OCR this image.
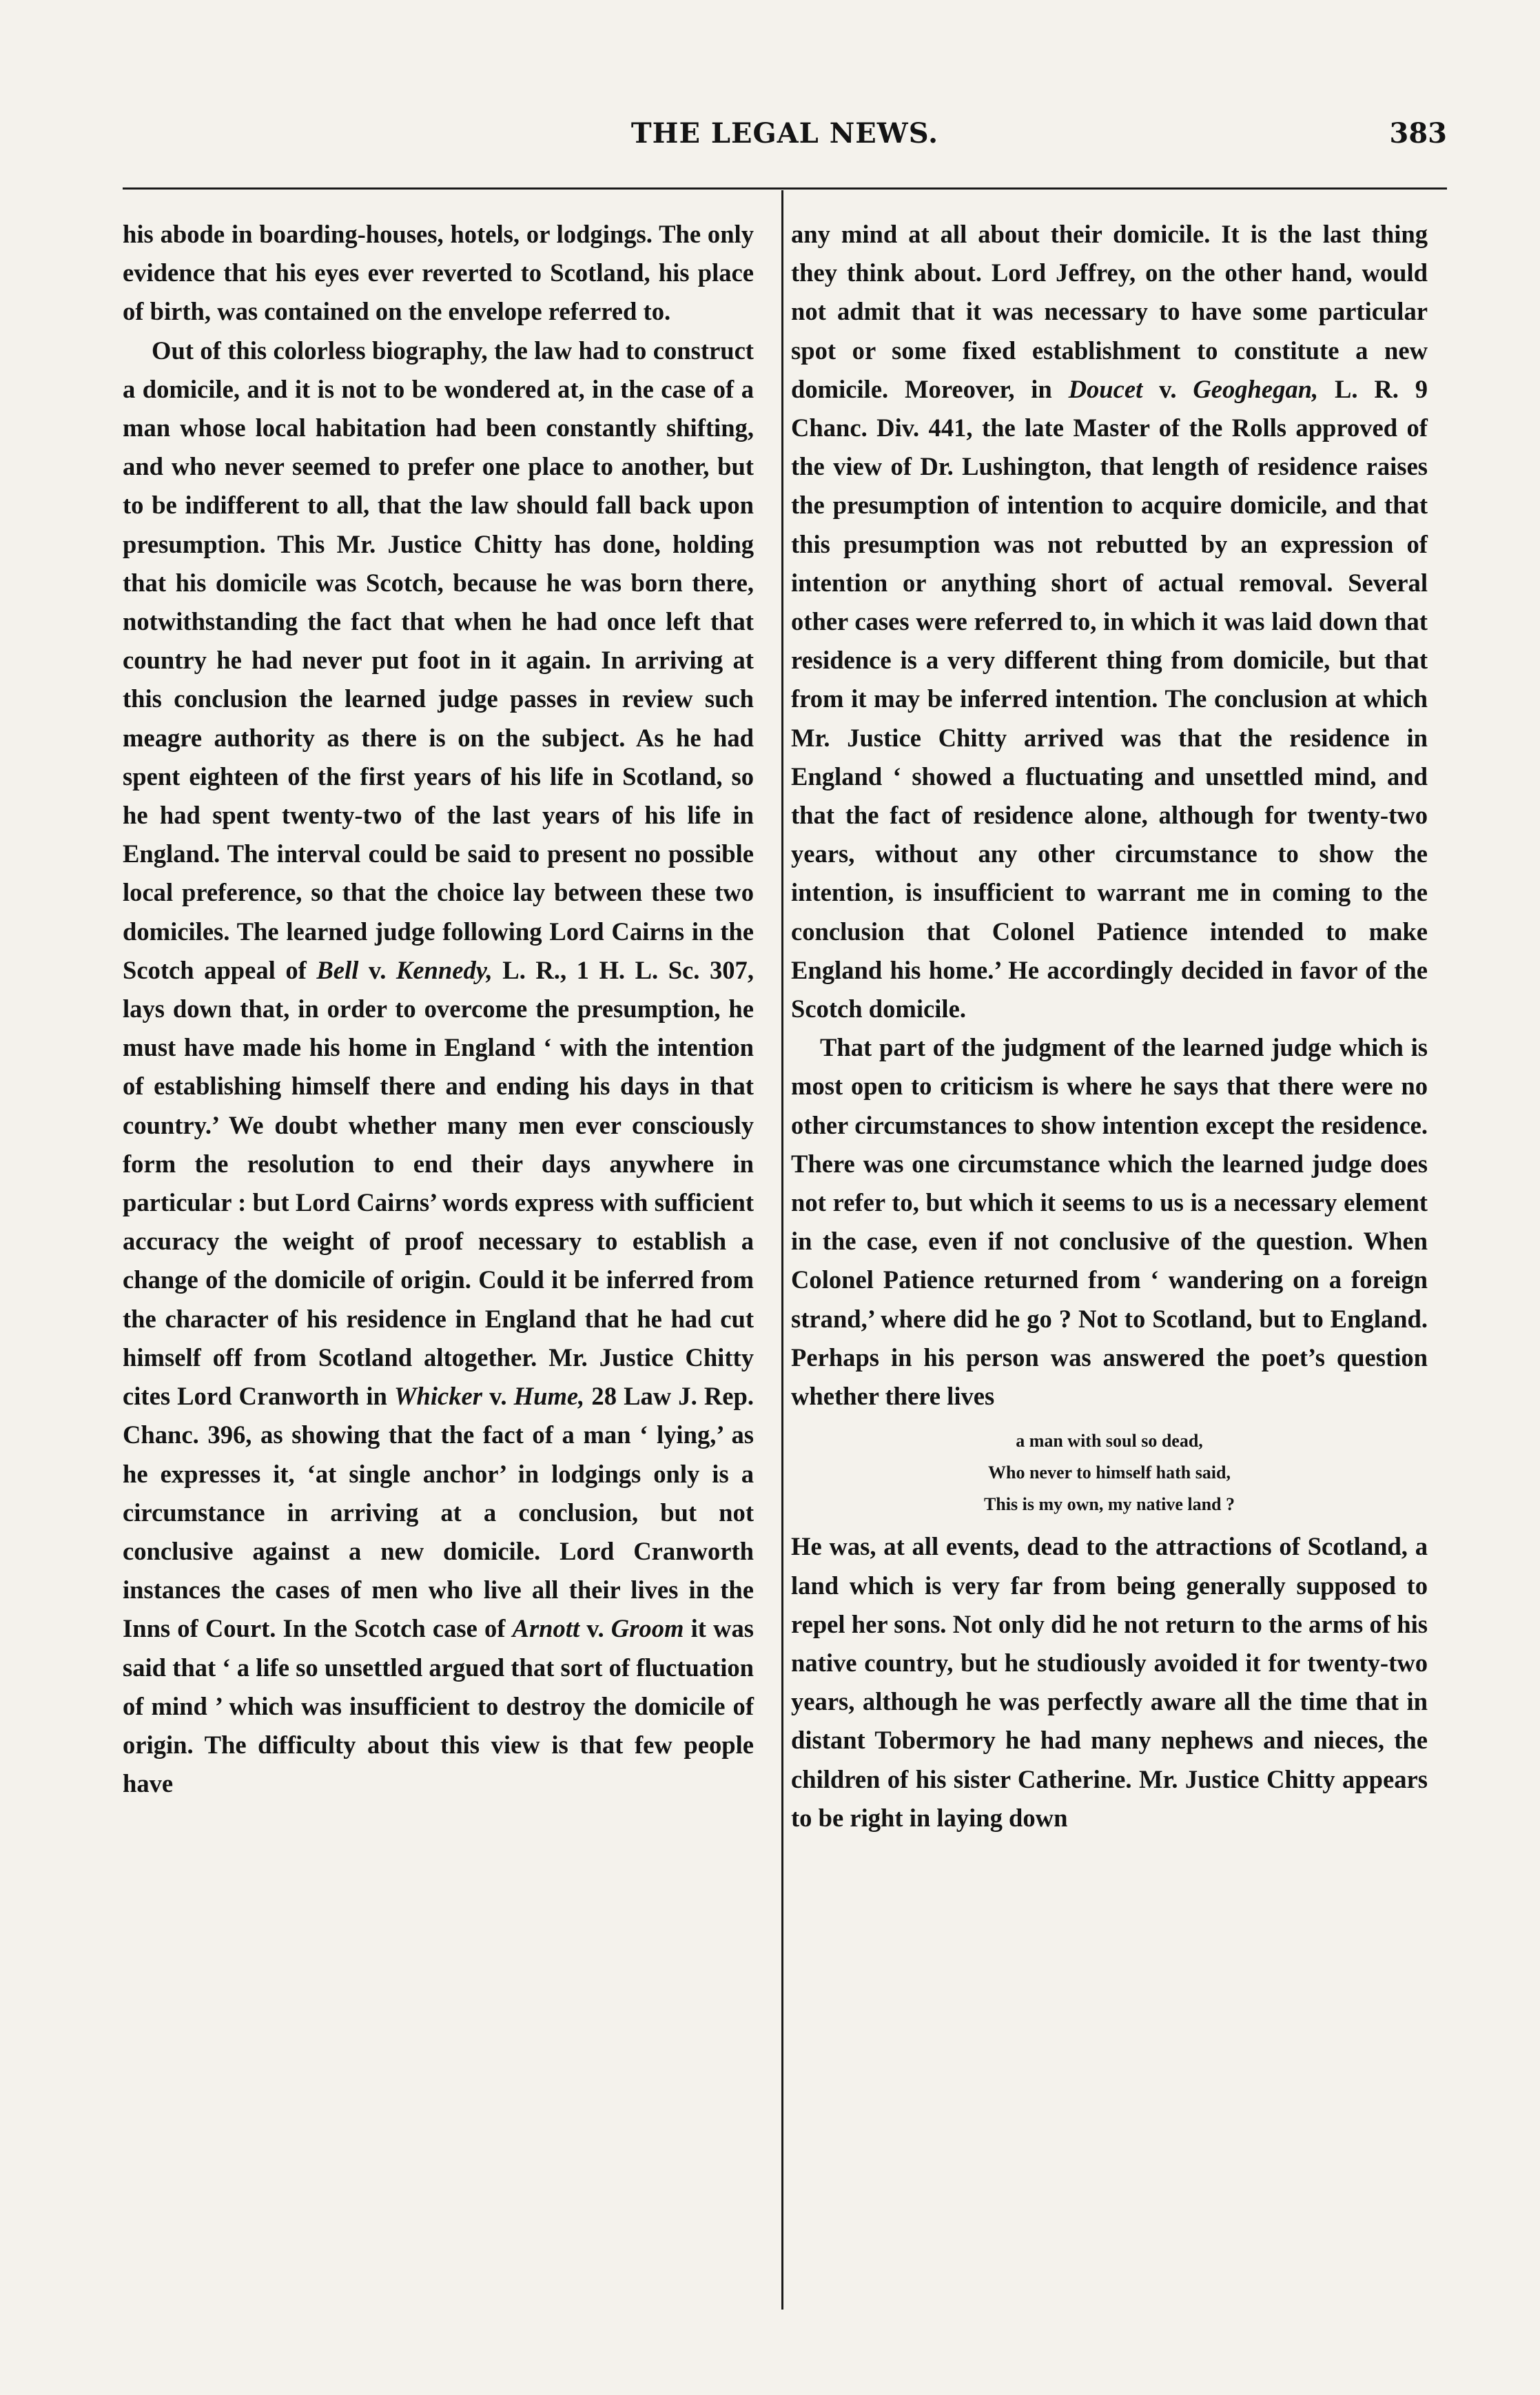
THE LEGAL NEWS.	383

his abode in boarding-houses, hotels, or lodgings. The only evidence that his eyes ever reverted to Scotland, his place of birth, was contained on the envelope referred to.

Out of this colorless biography, the law had to construct a domicile, and it is not to be wondered at, in the case of a man whose local habitation had been constantly shifting, and who never seemed to prefer one place to another, but to be indifferent to all, that the law should fall back upon presumption. This Mr. Justice Chitty has done, holding that his domicile was Scotch, because he was born there, notwithstanding the fact that when he had once left that country he had never put foot in it again. In arriving at this conclusion the learned judge passes in review such meagre authority as there is on the subject. As he had spent eighteen of the first years of his life in Scotland, so he had spent twenty-two of the last years of his life in England. The interval could be said to present no possible local preference, so that the choice lay between these two domiciles. The learned judge following Lord Cairns in the Scotch appeal of Bell v. Kennedy, L. R., 1 H. L. Sc. 307, lays down that, in order to overcome the presumption, he must have made his home in England ‘ with the intention of establishing himself there and ending his days in that country.’ We doubt whether many men ever consciously form the resolution to end their days anywhere in particular : but Lord Cairns’ words express with sufficient accuracy the weight of proof necessary to establish a change of the domicile of origin. Could it be inferred from the character of his residence in England that he had cut himself off from Scotland altogether. Mr. Justice Chitty cites Lord Cranworth in Whicker v. Hume, 28 Law J. Rep. Chanc. 396, as showing that the fact of a man ‘ lying,’ as he expresses it, ‘at single anchor’ in lodgings only is a circumstance in arriving at a conclusion, but not conclusive against a new domicile. Lord Cranworth instances the cases of men who live all their lives in the Inns of Court. In the Scotch case of Arnott v. Groom it was said that ‘ a life so unsettled argued that sort of fluctuation of mind ’ which was insufficient to destroy the domicile of origin. The difficulty about this view is that few people have

any mind at all about their domicile. It is the last thing they think about. Lord Jeffrey, on the other hand, would not admit that it was necessary to have some particular spot or some fixed establishment to constitute a new domicile. Moreover, in Doucet v. Geoghegan, L. R. 9 Chanc. Div. 441, the late Master of the Rolls approved of the view of Dr. Lushington, that length of residence raises the presumption of intention to acquire domicile, and that this presumption was not rebutted by an expression of intention or anything short of actual removal. Several other cases were referred to, in which it was laid down that residence is a very different thing from domicile, but that from it may be inferred intention. The conclusion at which Mr. Justice Chitty arrived was that the residence in England ‘ showed a fluctuating and unsettled mind, and that the fact of residence alone, although for twenty-two years, without any other circumstance to show the intention, is insufficient to warrant me in coming to the conclusion that Colonel Patience intended to make England his home.’ He accordingly decided in favor of the Scotch domicile.

That part of the judgment of the learned judge which is most open to criticism is where he says that there were no other circumstances to show intention except the residence. There was one circumstance which the learned judge does not refer to, but which it seems to us is a necessary element in the case, even if not conclusive of the question. When Colonel Patience returned from ‘ wandering on a foreign strand,’ where did he go ? Not to Scotland, but to England. Perhaps in his person was answered the poet’s question whether there lives

a man with soul so dead,
Who never to himself hath said,
This is my own, my native land ?

He was, at all events, dead to the attractions of Scotland, a land which is very far from being generally supposed to repel her sons. Not only did he not return to the arms of his native country, but he studiously avoided it for twenty-two years, although he was perfectly aware all the time that in distant Tobermory he had many nephews and nieces, the children of his sister Catherine. Mr. Justice Chitty appears to be right in laying down
